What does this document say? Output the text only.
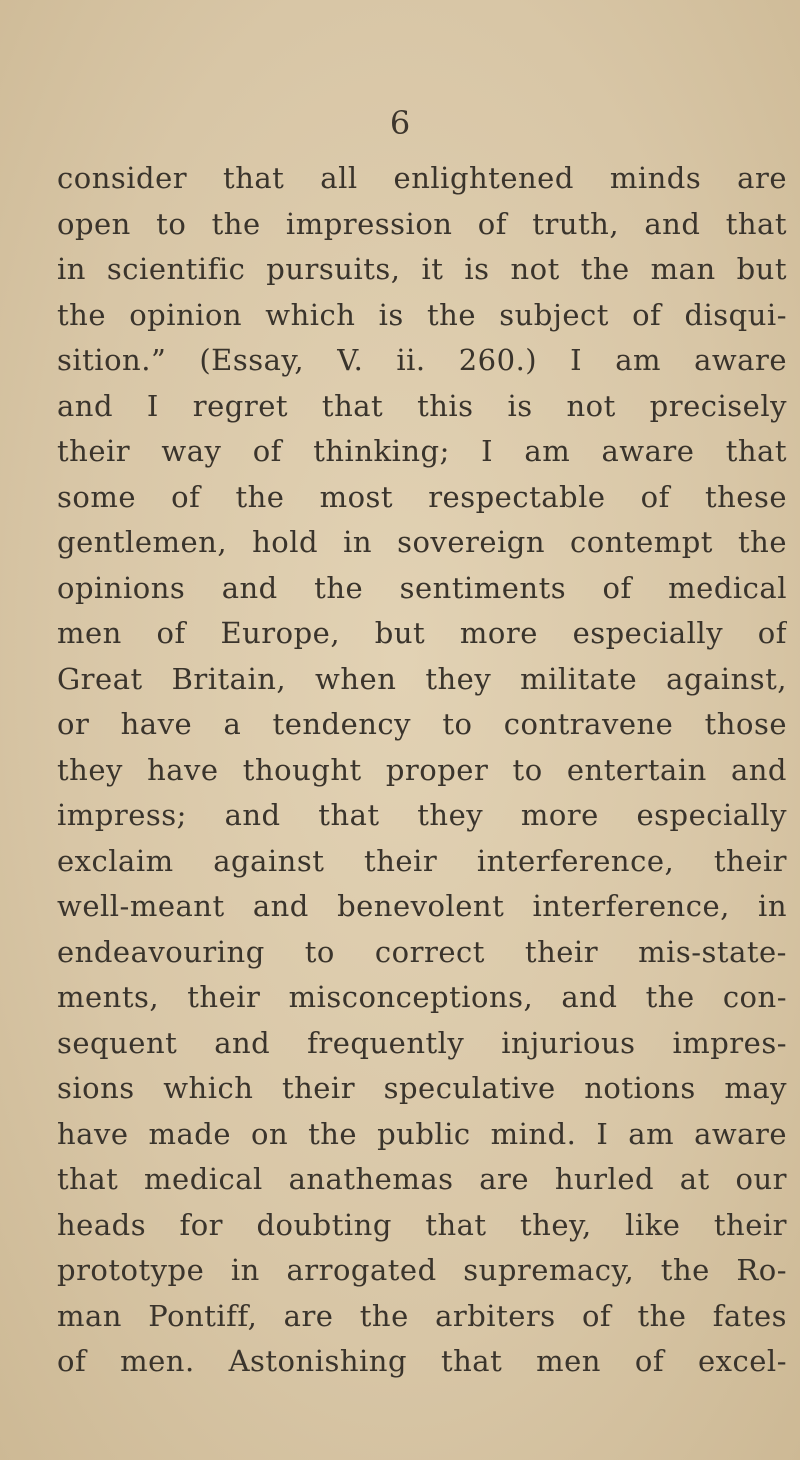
6
consider that all enlightened minds are
open to the impression of truth, and that
in scientific pursuits, it is not the man but
the opinion which is the subject of disqui-
sition.” (Essay, V. ii. 260.) I am aware
and I regret that this is not precisely
their way of thinking; I am aware that
some of the most respectable of these
gentlemen, hold in sovereign contempt the
opinions and the sentiments of medical
men of Europe, but more especially of
Great Britain, when they militate against,
or have a tendency to contravene those
they have thought proper to entertain and
impress; and that they more especially
exclaim against their interference, their
well-meant and benevolent interference, in
endeavouring to correct their mis-state-
ments, their misconceptions, and the con-
sequent and frequently injurious impres-
sions which their speculative notions may
have made on the public mind. I am aware
that medical anathemas are hurled at our
heads for doubting that they, like their
prototype in arrogated supremacy, the Ro-
man Pontiff, are the arbiters of the fates
of men. Astonishing that men of excel-
